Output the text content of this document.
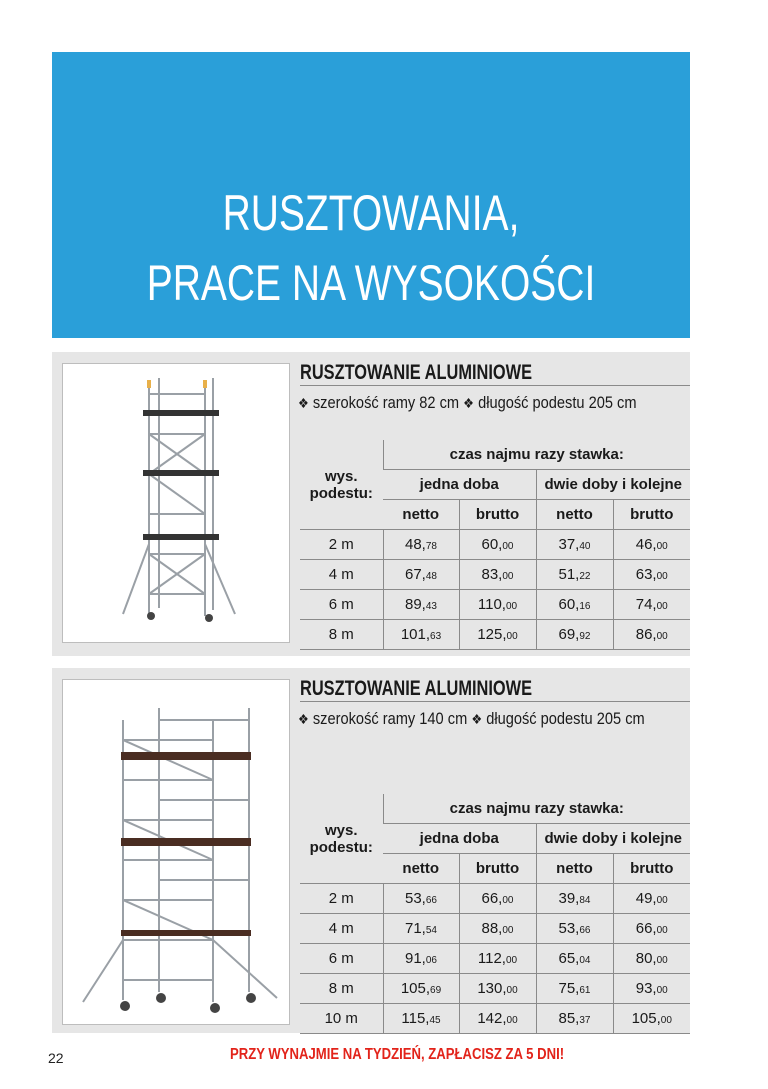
RUSZTOWANIA,
PRACE NA WYSOKOŚCI
RUSZTOWANIE ALUMINIOWE
❖ szerokość ramy 82 cm ❖ długość podestu 205 cm
wys. podestu:	czas najmu razy stawka:			
	jedna doba		dwie doby i kolejne	
	netto	brutto	netto	brutto
2 m	48,78	60,00	37,40	46,00
4 m	67,48	83,00	51,22	63,00
6 m	89,43	110,00	60,16	74,00
8 m	101,63	125,00	69,92	86,00
RUSZTOWANIE ALUMINIOWE
❖ szerokość ramy 140 cm ❖ długość podestu 205 cm
wys. podestu:	czas najmu razy stawka:			
	jedna doba		dwie doby i kolejne	
	netto	brutto	netto	brutto
2 m	53,66	66,00	39,84	49,00
4 m	71,54	88,00	53,66	66,00
6 m	91,06	112,00	65,04	80,00
8 m	105,69	130,00	75,61	93,00
10 m	115,45	142,00	85,37	105,00
22	PRZY WYNAJMIE NA TYDZIEŃ, ZAPŁACISZ ZA 5 DNI!
